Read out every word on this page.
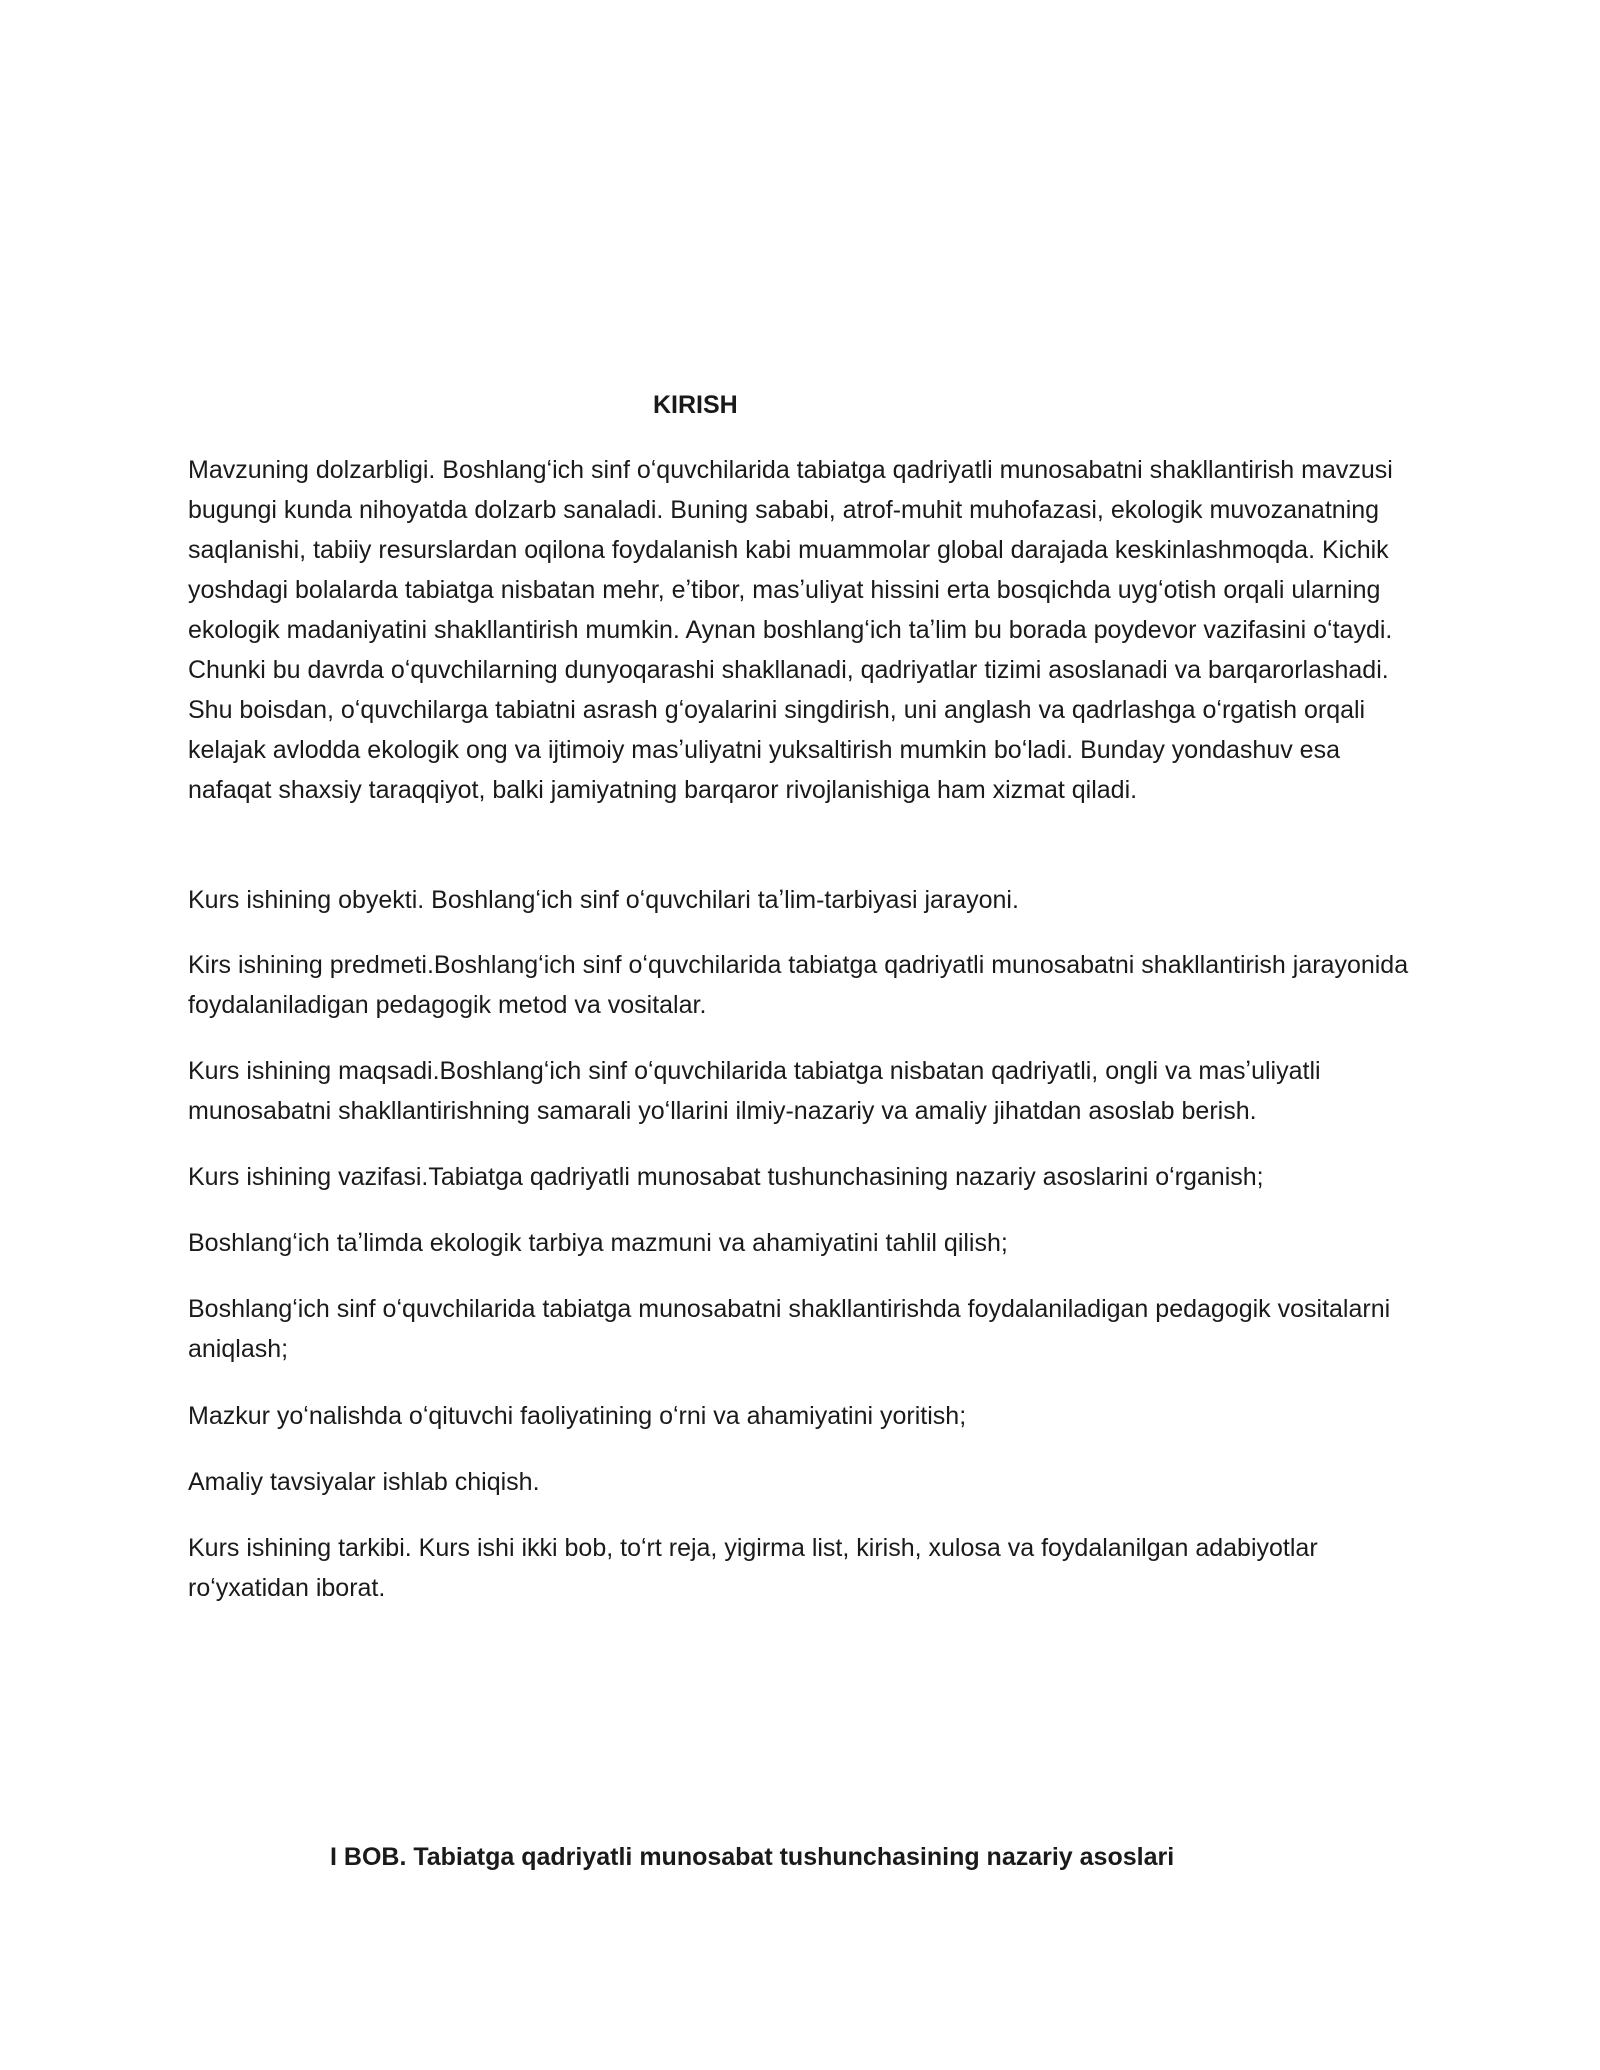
KIRISH

Mavzuning dolzarbligi. Boshlangʻich sinf oʻquvchilarida tabiatga qadriyatli munosabatni shakllantirish mavzusi bugungi kunda nihoyatda dolzarb sanaladi. Buning sababi, atrof-muhit muhofazasi, ekologik muvozanatning saqlanishi, tabiiy resurslardan oqilona foydalanish kabi muammolar global darajada keskinlashmoqda. Kichik yoshdagi bolalarda tabiatga nisbatan mehr, eʼtibor, masʼuliyat hissini erta bosqichda uygʻotish orqali ularning ekologik madaniyatini shakllantirish mumkin. Aynan boshlangʻich taʼlim bu borada poydevor vazifasini oʻtaydi. Chunki bu davrda oʻquvchilarning dunyoqarashi shakllanadi, qadriyatlar tizimi asoslanadi va barqarorlashadi. Shu boisdan, oʻquvchilarga tabiatni asrash gʻoyalarini singdirish, uni anglash va qadrlashga oʻrgatish orqali kelajak avlodda ekologik ong va ijtimoiy masʼuliyatni yuksaltirish mumkin boʻladi. Bunday yondashuv esa nafaqat shaxsiy taraqqiyot, balki jamiyatning barqaror rivojlanishiga ham xizmat qiladi.

Kurs ishining obyekti. Boshlangʻich sinf oʻquvchilari taʼlim-tarbiyasi jarayoni.

Kirs ishining predmeti.Boshlangʻich sinf oʻquvchilarida tabiatga qadriyatli munosabatni shakllantirish jarayonida foydalaniladigan pedagogik metod va vositalar.

Kurs ishining maqsadi.Boshlangʻich sinf oʻquvchilarida tabiatga nisbatan qadriyatli, ongli va masʼuliyatli munosabatni shakllantirishning samarali yoʻllarini ilmiy-nazariy va amaliy jihatdan asoslab berish.

Kurs ishining vazifasi.Tabiatga qadriyatli munosabat tushunchasining nazariy asoslarini oʻrganish;

Boshlangʻich taʼlimda ekologik tarbiya mazmuni va ahamiyatini tahlil qilish;

Boshlangʻich sinf oʻquvchilarida tabiatga munosabatni shakllantirishda foydalaniladigan pedagogik vositalarni aniqlash;

Mazkur yoʻnalishda oʻqituvchi faoliyatining oʻrni va ahamiyatini yoritish;

Amaliy tavsiyalar ishlab chiqish.

Kurs ishining tarkibi. Kurs ishi ikki bob, toʻrt reja, yigirma list, kirish, xulosa va foydalanilgan adabiyotlar roʻyxatidan iborat.

I BOB. Tabiatga qadriyatli munosabat tushunchasining nazariy asoslari
